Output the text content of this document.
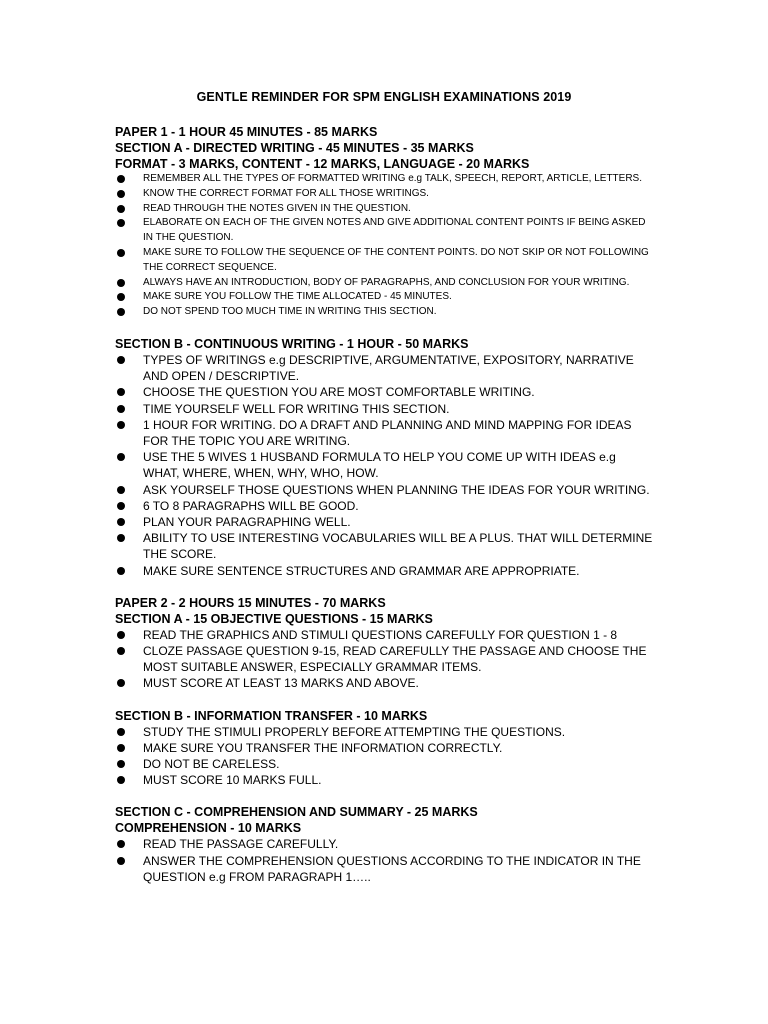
GENTLE REMINDER FOR SPM ENGLISH EXAMINATIONS 2019
PAPER 1 - 1 HOUR 45 MINUTES - 85 MARKS
SECTION A - DIRECTED WRITING - 45 MINUTES - 35 MARKS
FORMAT - 3 MARKS, CONTENT - 12 MARKS, LANGUAGE - 20 MARKS
REMEMBER ALL THE TYPES OF FORMATTED WRITING e.g TALK, SPEECH, REPORT, ARTICLE, LETTERS.
KNOW THE CORRECT FORMAT FOR ALL THOSE WRITINGS.
READ THROUGH THE NOTES GIVEN IN THE QUESTION.
ELABORATE ON EACH OF THE GIVEN NOTES AND GIVE ADDITIONAL CONTENT POINTS IF BEING ASKED IN THE QUESTION.
MAKE SURE TO FOLLOW THE SEQUENCE OF THE CONTENT POINTS. DO NOT SKIP OR NOT FOLLOWING THE CORRECT SEQUENCE.
ALWAYS HAVE AN INTRODUCTION, BODY OF PARAGRAPHS, AND CONCLUSION FOR YOUR WRITING.
MAKE SURE YOU FOLLOW THE TIME ALLOCATED - 45 MINUTES.
DO NOT SPEND TOO MUCH TIME IN WRITING THIS SECTION.
SECTION B - CONTINUOUS WRITING - 1 HOUR - 50 MARKS
TYPES OF WRITINGS e.g DESCRIPTIVE, ARGUMENTATIVE, EXPOSITORY, NARRATIVE AND OPEN / DESCRIPTIVE.
CHOOSE THE QUESTION YOU ARE MOST COMFORTABLE WRITING.
TIME YOURSELF WELL FOR WRITING THIS SECTION.
1 HOUR FOR WRITING. DO A DRAFT AND PLANNING AND MIND MAPPING FOR IDEAS FOR THE TOPIC YOU ARE WRITING.
USE THE 5 WIVES 1 HUSBAND FORMULA TO HELP YOU COME UP WITH IDEAS e.g WHAT, WHERE, WHEN, WHY, WHO, HOW.
ASK YOURSELF THOSE QUESTIONS WHEN PLANNING THE IDEAS FOR YOUR WRITING.
6 TO 8 PARAGRAPHS WILL BE GOOD.
PLAN YOUR PARAGRAPHING WELL.
ABILITY TO USE INTERESTING VOCABULARIES WILL BE A PLUS. THAT WILL DETERMINE THE SCORE.
MAKE SURE SENTENCE STRUCTURES AND GRAMMAR ARE APPROPRIATE.
PAPER 2 - 2 HOURS 15 MINUTES - 70 MARKS
SECTION A - 15 OBJECTIVE QUESTIONS - 15 MARKS
READ THE GRAPHICS AND STIMULI QUESTIONS CAREFULLY FOR QUESTION 1 - 8
CLOZE PASSAGE QUESTION 9-15, READ CAREFULLY THE PASSAGE AND CHOOSE THE MOST SUITABLE ANSWER, ESPECIALLY GRAMMAR ITEMS.
MUST SCORE AT LEAST 13 MARKS AND ABOVE.
SECTION B - INFORMATION TRANSFER - 10 MARKS
STUDY THE STIMULI PROPERLY BEFORE ATTEMPTING THE QUESTIONS.
MAKE SURE YOU TRANSFER THE INFORMATION CORRECTLY.
DO NOT BE CARELESS.
MUST SCORE 10 MARKS FULL.
SECTION C - COMPREHENSION AND SUMMARY - 25 MARKS
COMPREHENSION - 10 MARKS
READ THE PASSAGE CAREFULLY.
ANSWER THE COMPREHENSION QUESTIONS ACCORDING TO THE INDICATOR IN THE QUESTION e.g FROM PARAGRAPH 1…..
